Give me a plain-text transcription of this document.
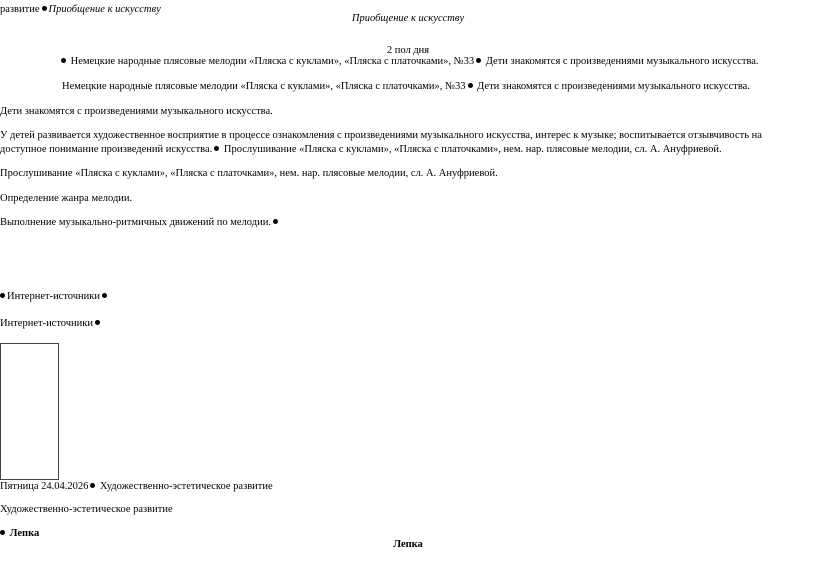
развитие Приобщение к искусству
Приобщение к искусству
2 пол дня
Немецкие народные плясовые мелодии «Пляска с куклами», «Пляска с платочками», №33 Дети знакомятся с произведениями музыкального искусства.
Немецкие народные плясовые мелодии «Пляска с куклами», «Пляска с платочками», №33 Дети знакомятся с произведениями музыкального искусства.
Дети знакомятся с произведениями музыкального искусства.
У детей развивается художественное восприятие в процессе ознакомления с произведениями музыкального искусства, интерес к музыке; воспитывается отзывчивость на
доступное понимание произведений искусства. Прослушивание «Пляска с куклами», «Пляска с платочками», нем. нар. плясовые мелодии, сл. А. Ануфриевой.
Прослушивание «Пляска с куклами», «Пляска с платочками», нем. нар. плясовые мелодии, сл. А. Ануфриевой.
Определение жанра мелодии.
Выполнение музыкально-ритмичных движений по мелодии.
Интернет-источники
Интернет-источники
Пятница 24.04.2026 Художественно-эстетическое развитие
Художественно-эстетическое развитие
Лепка
Лепка
